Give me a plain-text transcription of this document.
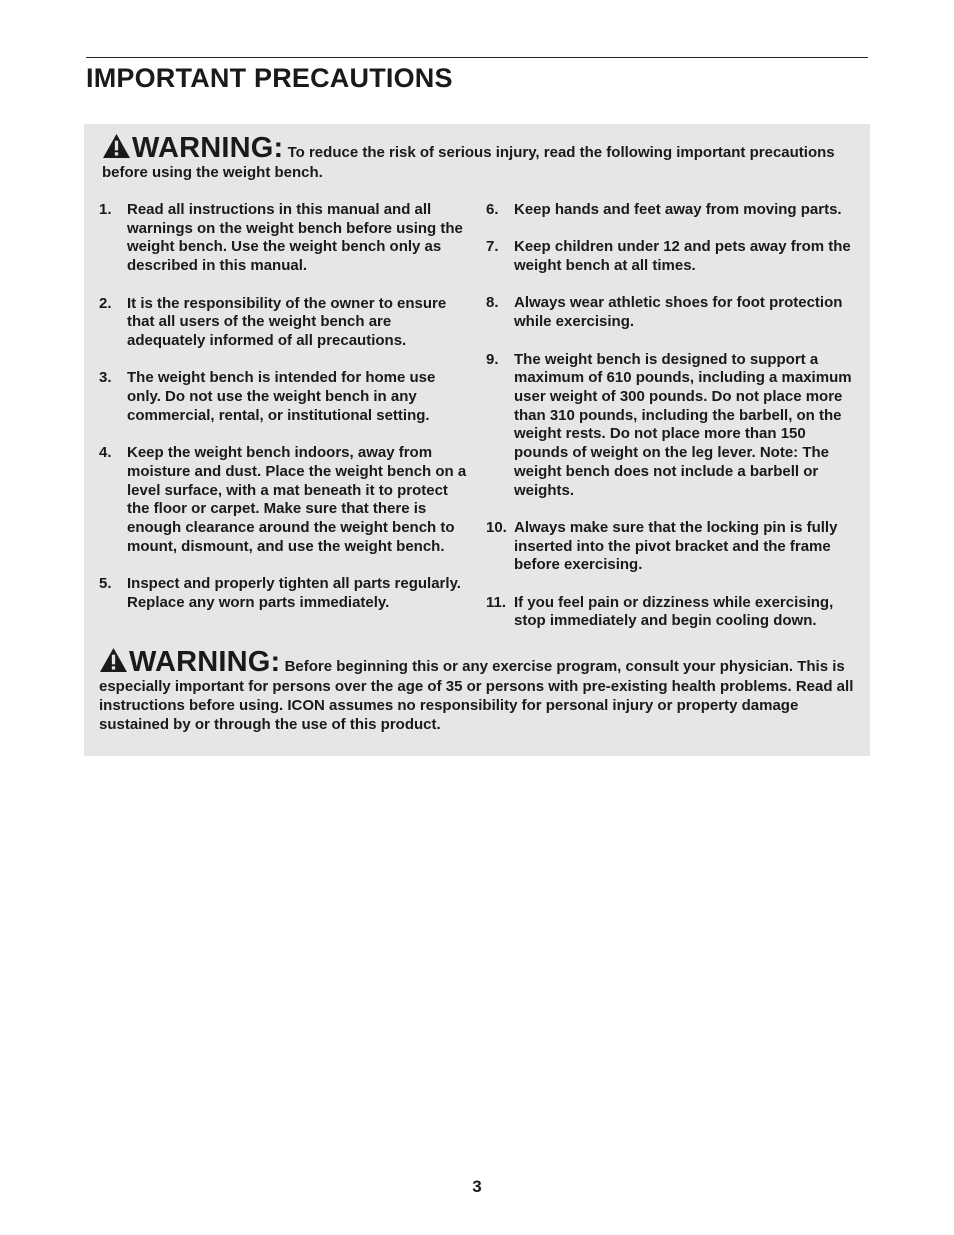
IMPORTANT PRECAUTIONS
WARNING: To reduce the risk of serious injury, read the following important precautions before using the weight bench.
1.	Read all instructions in this manual and all warnings on the weight bench before using the weight bench. Use the weight bench only as described in this manual.
2.	It is the responsibility of the owner to ensure that all users of the weight bench are adequately informed of all precautions.
3.	The weight bench is intended for home use only. Do not use the weight bench in any commercial, rental, or institutional setting.
4.	Keep the weight bench indoors, away from moisture and dust. Place the weight bench on a level surface, with a mat beneath it to protect the floor or carpet. Make sure that there is enough clearance around the weight bench to mount, dismount, and use the weight bench.
5.	Inspect and properly tighten all parts regularly. Replace any worn parts immediately.
6.	Keep hands and feet away from moving parts.
7.	Keep children under 12 and pets away from the weight bench at all times.
8.	Always wear athletic shoes for foot protection while exercising.
9.	The weight bench is designed to support a maximum of 610 pounds, including a maximum user weight of 300 pounds. Do not place more than 310 pounds, including the barbell, on the weight rests. Do not place more than 150 pounds of weight on the leg lever. Note: The weight bench does not include a barbell or weights.
10. Always make sure that the locking pin is fully inserted into the pivot bracket and the frame before exercising.
11. If you feel pain or dizziness while exercising, stop immediately and begin cooling down.
WARNING: Before beginning this or any exercise program, consult your physician. This is especially important for persons over the age of 35 or persons with pre-existing health problems. Read all instructions before using. ICON assumes no responsibility for personal injury or property damage sustained by or through the use of this product.
3
